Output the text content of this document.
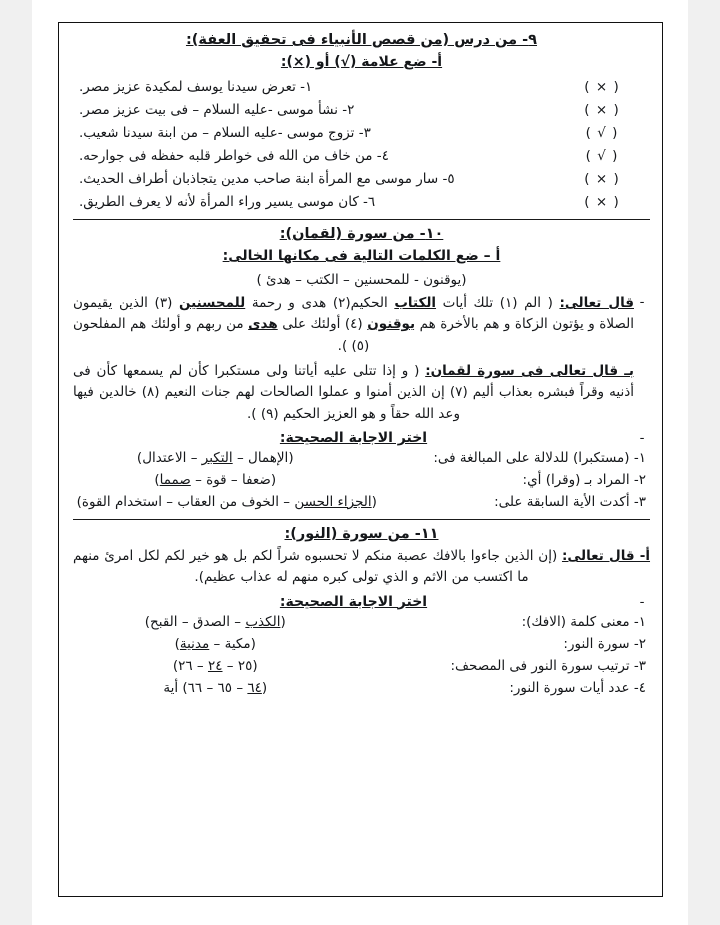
٩- من درس (من قصص الأنبياء فى تحقيق العفة):

أ- ضع علامة (√) أو (×):

( × )
١- تعرض سيدنا يوسف لمكيدة عزيز مصر.
( × )
٢- نشأ موسى -عليه السلام – فى بيت عزيز مصر.
( √ )
٣- تزوج موسى -عليه السلام – من ابنة سيدنا شعيب.
( √ )
٤- من خاف من الله فى خواطر قلبه حفظه فى جوارحه.
( × )
٥- سار موسى مع المرأة ابنة صاحب مدين يتجاذبان أطراف الحديث.
( × )
٦- كان موسى يسير وراء المرأة لأنه لا يعرف الطريق.

١٠- من سورة (لقمان):

أ – ضع الكلمات التالية فى مكانها الخالى:

(يوقنون - للمحسنين – الكتب – هدئ )

-
قال تعالى: ( الم (١) تلك أيات الكتاب الحكيم(٢) هدى و رحمة للمحسنين (٣) الذين يقيمون الصلاة و يؤتون الزكاة و هم بالأخرة هم يوقنون (٤) أولئك على هدى من ربهم و أولئك هم المفلحون (٥) ).
بـ قال تعالى فى سورة لقمان: ( و إذا تتلى عليه أياتنا ولى مستكبرا كأن لم يسمعها كأن فى أذنيه وقراً فبشره بعذاب أليم (٧) إن الذين أمنوا و عملوا الصالحات لهم جنات النعيم (٨) خالدين فيها وعد الله حقاً و هو العزيز الحكيم (٩) ).
-
اختر الاجابة الصحيحة:
١- (مستكبرا) للدلالة على المبالغة فى:
(الإهمال – التكبر – الاعتدال)
٢- المراد بـ (وقرا) أي:
(ضعفا – قوة – صمما)
٣- أكدت الأية السابقة على:
(الجزاء الحسن – الخوف من العقاب – استخدام القوة)

١١- من سورة (النور):

أ- قال تعالى: (إن الذين جاءوا بالافك عصبة منكم لا تحسبوه شراً لكم بل هو خير لكم لكل امرئ منهم ما اكتسب من الاثم و الذي تولى كبره منهم له عذاب عظيم).
-
اختر الاجابة الصحيحة:
١- معنى كلمة (الافك):
(الكذب – الصدق – القبح)
٢- سورة النور:
(مكية – مدنية)
٣- ترتيب سورة النور فى المصحف:
(٢٥ – ٢٤ – ٢٦)
٤- عدد أيات سورة النور:
(٦٤ – ٦٥ – ٦٦) أية
